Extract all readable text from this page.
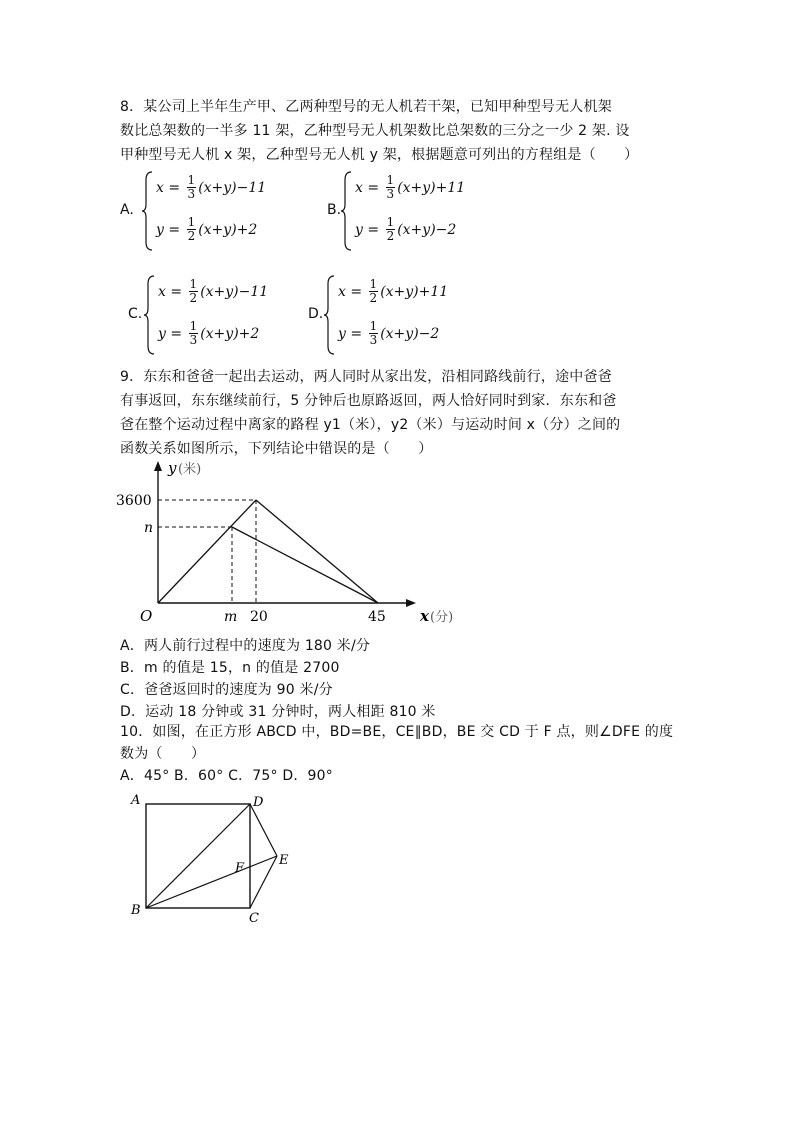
8．某公司上半年生产甲、乙两种型号的无人机若干架，已知甲种型号无人机架
数比总架数的一半多 11 架，乙种型号无人机架数比总架数的三分之一少 2 架. 设
甲种型号无人机 x 架，乙种型号无人机 y 架，根据题意可列出的方程组是（　　）
A.
$x = \frac{1}{3} (x+y)-11$
$y = \frac{1}{2} (x+y)+2$
B.
$x = \frac{1}{3} (x+y)+11$
$y = \frac{1}{2} (x+y)-2$
C.
$x = \frac{1}{2} (x+y)-11$
$y = \frac{1}{3} (x+y)+2$
D.
$x = \frac{1}{2} (x+y)+11$
$y = \frac{1}{3} (x+y)-2$
9．东东和爸爸一起出去运动，两人同时从家出发，沿相同路线前行，途中爸爸
有事返回，东东继续前行，5 分钟后也原路返回，两人恰好同时到家．东东和爸
爸在整个运动过程中离家的路程 y1（米），y2（米）与运动时间 x（分）之间的
函数关系如图所示，下列结论中错误的是（　　）
y (米)
x (分)
O
3600
n
m 20	45
A．两人前行过程中的速度为 180 米/分
B．m 的值是 15，n 的值是 2700
C．爸爸返回时的速度为 90 米/分
D．运动 18 分钟或 31 分钟时，两人相距 810 米
10．如图，在正方形 ABCD 中，BD=BE，CE∥BD，BE 交 CD 于 F 点，则∠DFE 的度
数为（　　）
A．45° B．60° C．75° D．90°
A	D
F
E
B
C
